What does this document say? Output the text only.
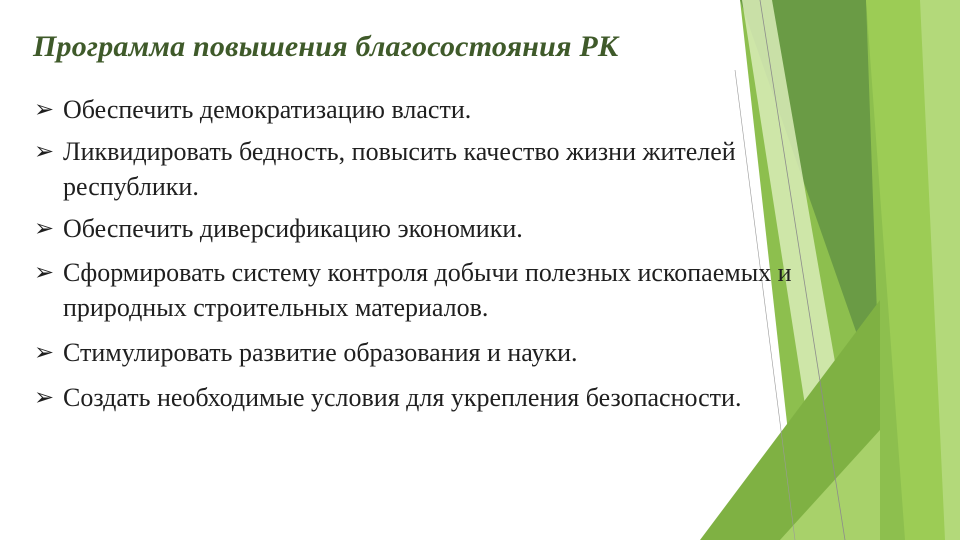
Программа повышения благосостояния РК
➢ Обеспечить демократизацию власти.
➢ Ликвидировать бедность, повысить качество жизни жителей республики.
➢ Обеспечить диверсификацию экономики.
➢ Сформировать систему контроля добычи полезных ископаемых и природных строительных материалов.
➢ Стимулировать развитие образования и науки.
➢ Создать необходимые условия для укрепления безопасности.
